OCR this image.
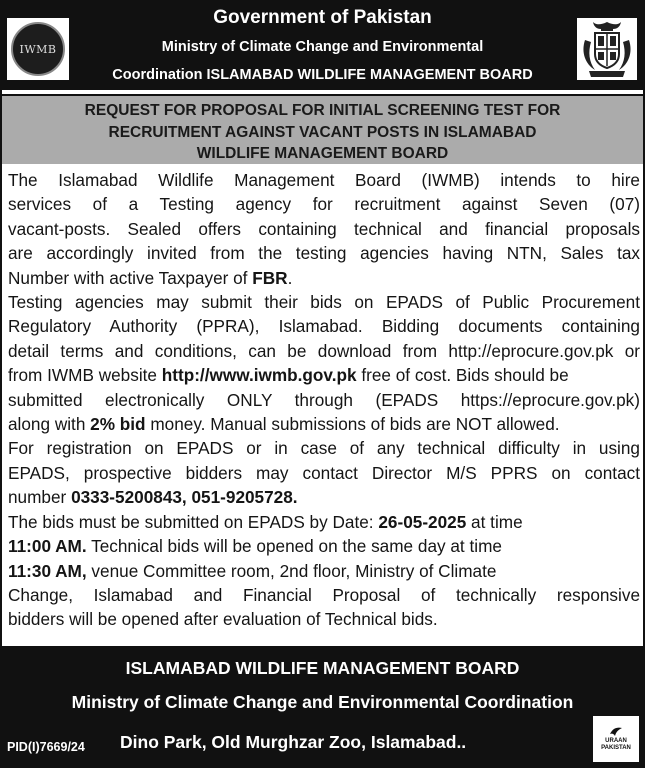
IWMB
Government of Pakistan
Ministry of Climate Change and Environmental
Coordination ISLAMABAD WILDLIFE MANAGEMENT BOARD
REQUEST FOR PROPOSAL FOR INITIAL SCREENING TEST FOR
RECRUITMENT AGAINST VACANT POSTS IN ISLAMABAD
WILDLIFE MANAGEMENT BOARD
The Islamabad Wildlife Management Board (IWMB) intends to hire
services of a Testing agency for recruitment against Seven (07)
vacant-posts. Sealed offers containing technical and financial proposals
are accordingly invited from the testing agencies having NTN, Sales tax
Number with active Taxpayer of FBR.
Testing agencies may submit their bids on EPADS of Public Procurement
Regulatory Authority (PPRA), Islamabad. Bidding documents containing
detail terms and conditions, can be download from http://eprocure.gov.pk or
from IWMB website http://www.iwmb.gov.pk free of cost. Bids should be
submitted electronically ONLY through (EPADS https://eprocure.gov.pk)
along with 2% bid money. Manual submissions of bids are NOT allowed.
For registration on EPADS or in case of any technical difficulty in using
EPADS, prospective bidders may contact Director M/S PPRS on contact
number 0333-5200843, 051-9205728.
The bids must be submitted on EPADS by Date: 26-05-2025 at time
11:00 AM. Technical bids will be opened on the same day at time
11:30 AM, venue Committee room, 2nd floor, Ministry of Climate
Change, Islamabad and Financial Proposal of technically responsive
bidders will be opened after evaluation of Technical bids.
ISLAMABAD WILDLIFE MANAGEMENT BOARD
Ministry of Climate Change and Environmental Coordination
PID(I)7669/24 Dino Park, Old Murghzar Zoo, Islamabad..	URAAN
PAKISTAN
